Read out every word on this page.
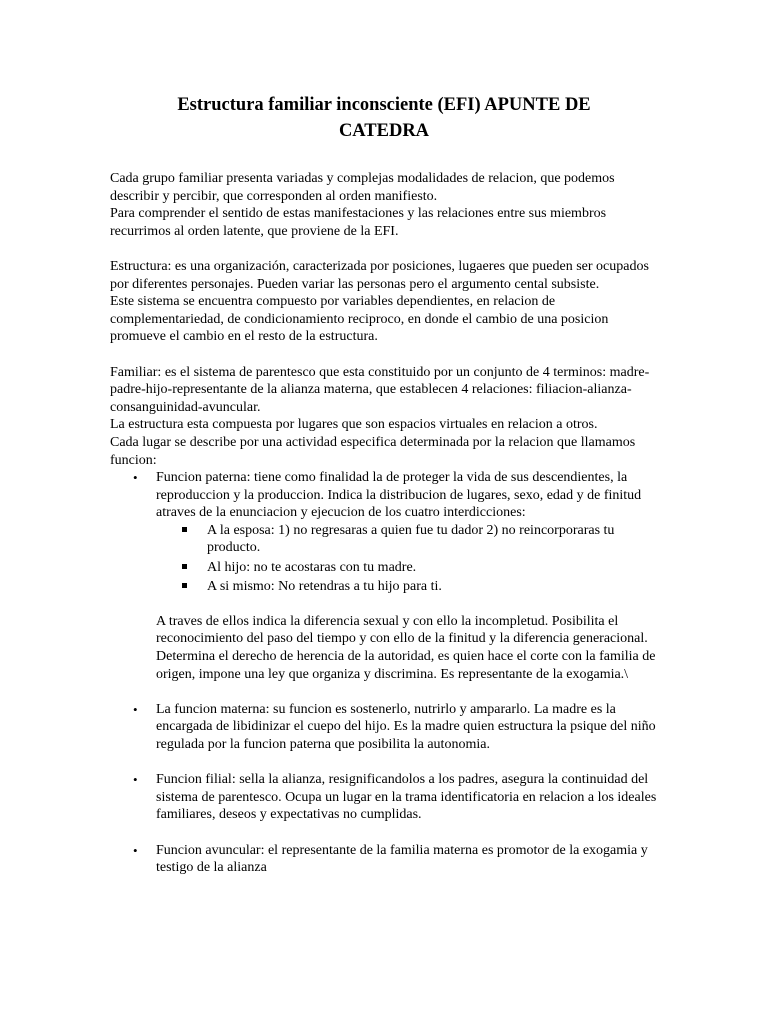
Estructura familiar inconsciente (EFI) APUNTE DE
CATEDRA

Cada grupo familiar presenta variadas y complejas modalidades de relacion, que podemos describir y percibir, que corresponden al orden manifiesto.

Para comprender el sentido de estas manifestaciones y las relaciones entre sus miembros recurrimos al orden latente, que proviene de la EFI.

Estructura: es una organización, caracterizada por posiciones, lugaeres que pueden ser ocupados por diferentes personajes. Pueden variar las personas pero el argumento cental subsiste.

Este sistema se encuentra compuesto por variables dependientes, en relacion de complementariedad, de condicionamiento reciproco, en donde el cambio de una posicion promueve el cambio en el resto de la estructura.

Familiar: es el sistema de parentesco que esta constituido por un conjunto de 4 terminos: madre-padre-hijo-representante de la alianza materna, que establecen 4 relaciones: filiacion-alianza-consanguinidad-avuncular.

La estructura esta compuesta por lugares que son espacios virtuales en relacion a otros.

Cada lugar se describe por una actividad especifica determinada por la relacion que llamamos funcion:

• Funcion paterna: tiene como finalidad la de proteger la vida de sus descendientes, la reproduccion y la produccion. Indica la distribucion de lugares, sexo, edad y de finitud atraves de la enunciacion y ejecucion de los cuatro interdicciones:
A la esposa: 1) no regresaras a quien fue tu dador 2) no reincorporaras tu producto.
Al hijo: no te acostaras con tu madre.
A si mismo: No retendras a tu hijo para ti.

A traves de ellos indica la diferencia sexual y con ello la incompletud. Posibilita el reconocimiento del paso del tiempo y con ello de la finitud y la diferencia generacional.

Determina el derecho de herencia de la autoridad, es quien hace el corte con la familia de origen, impone una ley que organiza y discrimina. Es representante de la exogamia.\

• La funcion materna: su funcion es sostenerlo, nutrirlo y ampararlo. La madre es la encargada de libidinizar el cuepo del hijo. Es la madre quien estructura la psique del niño regulada por la funcion paterna que posibilita la autonomia.
• Funcion filial: sella la alianza, resignificandolos a los padres, asegura la continuidad del sistema de parentesco. Ocupa un lugar en la trama identificatoria en relacion a los ideales familiares, deseos y expectativas no cumplidas.
• Funcion avuncular: el representante de la familia materna es promotor de la exogamia y testigo de la alianza
